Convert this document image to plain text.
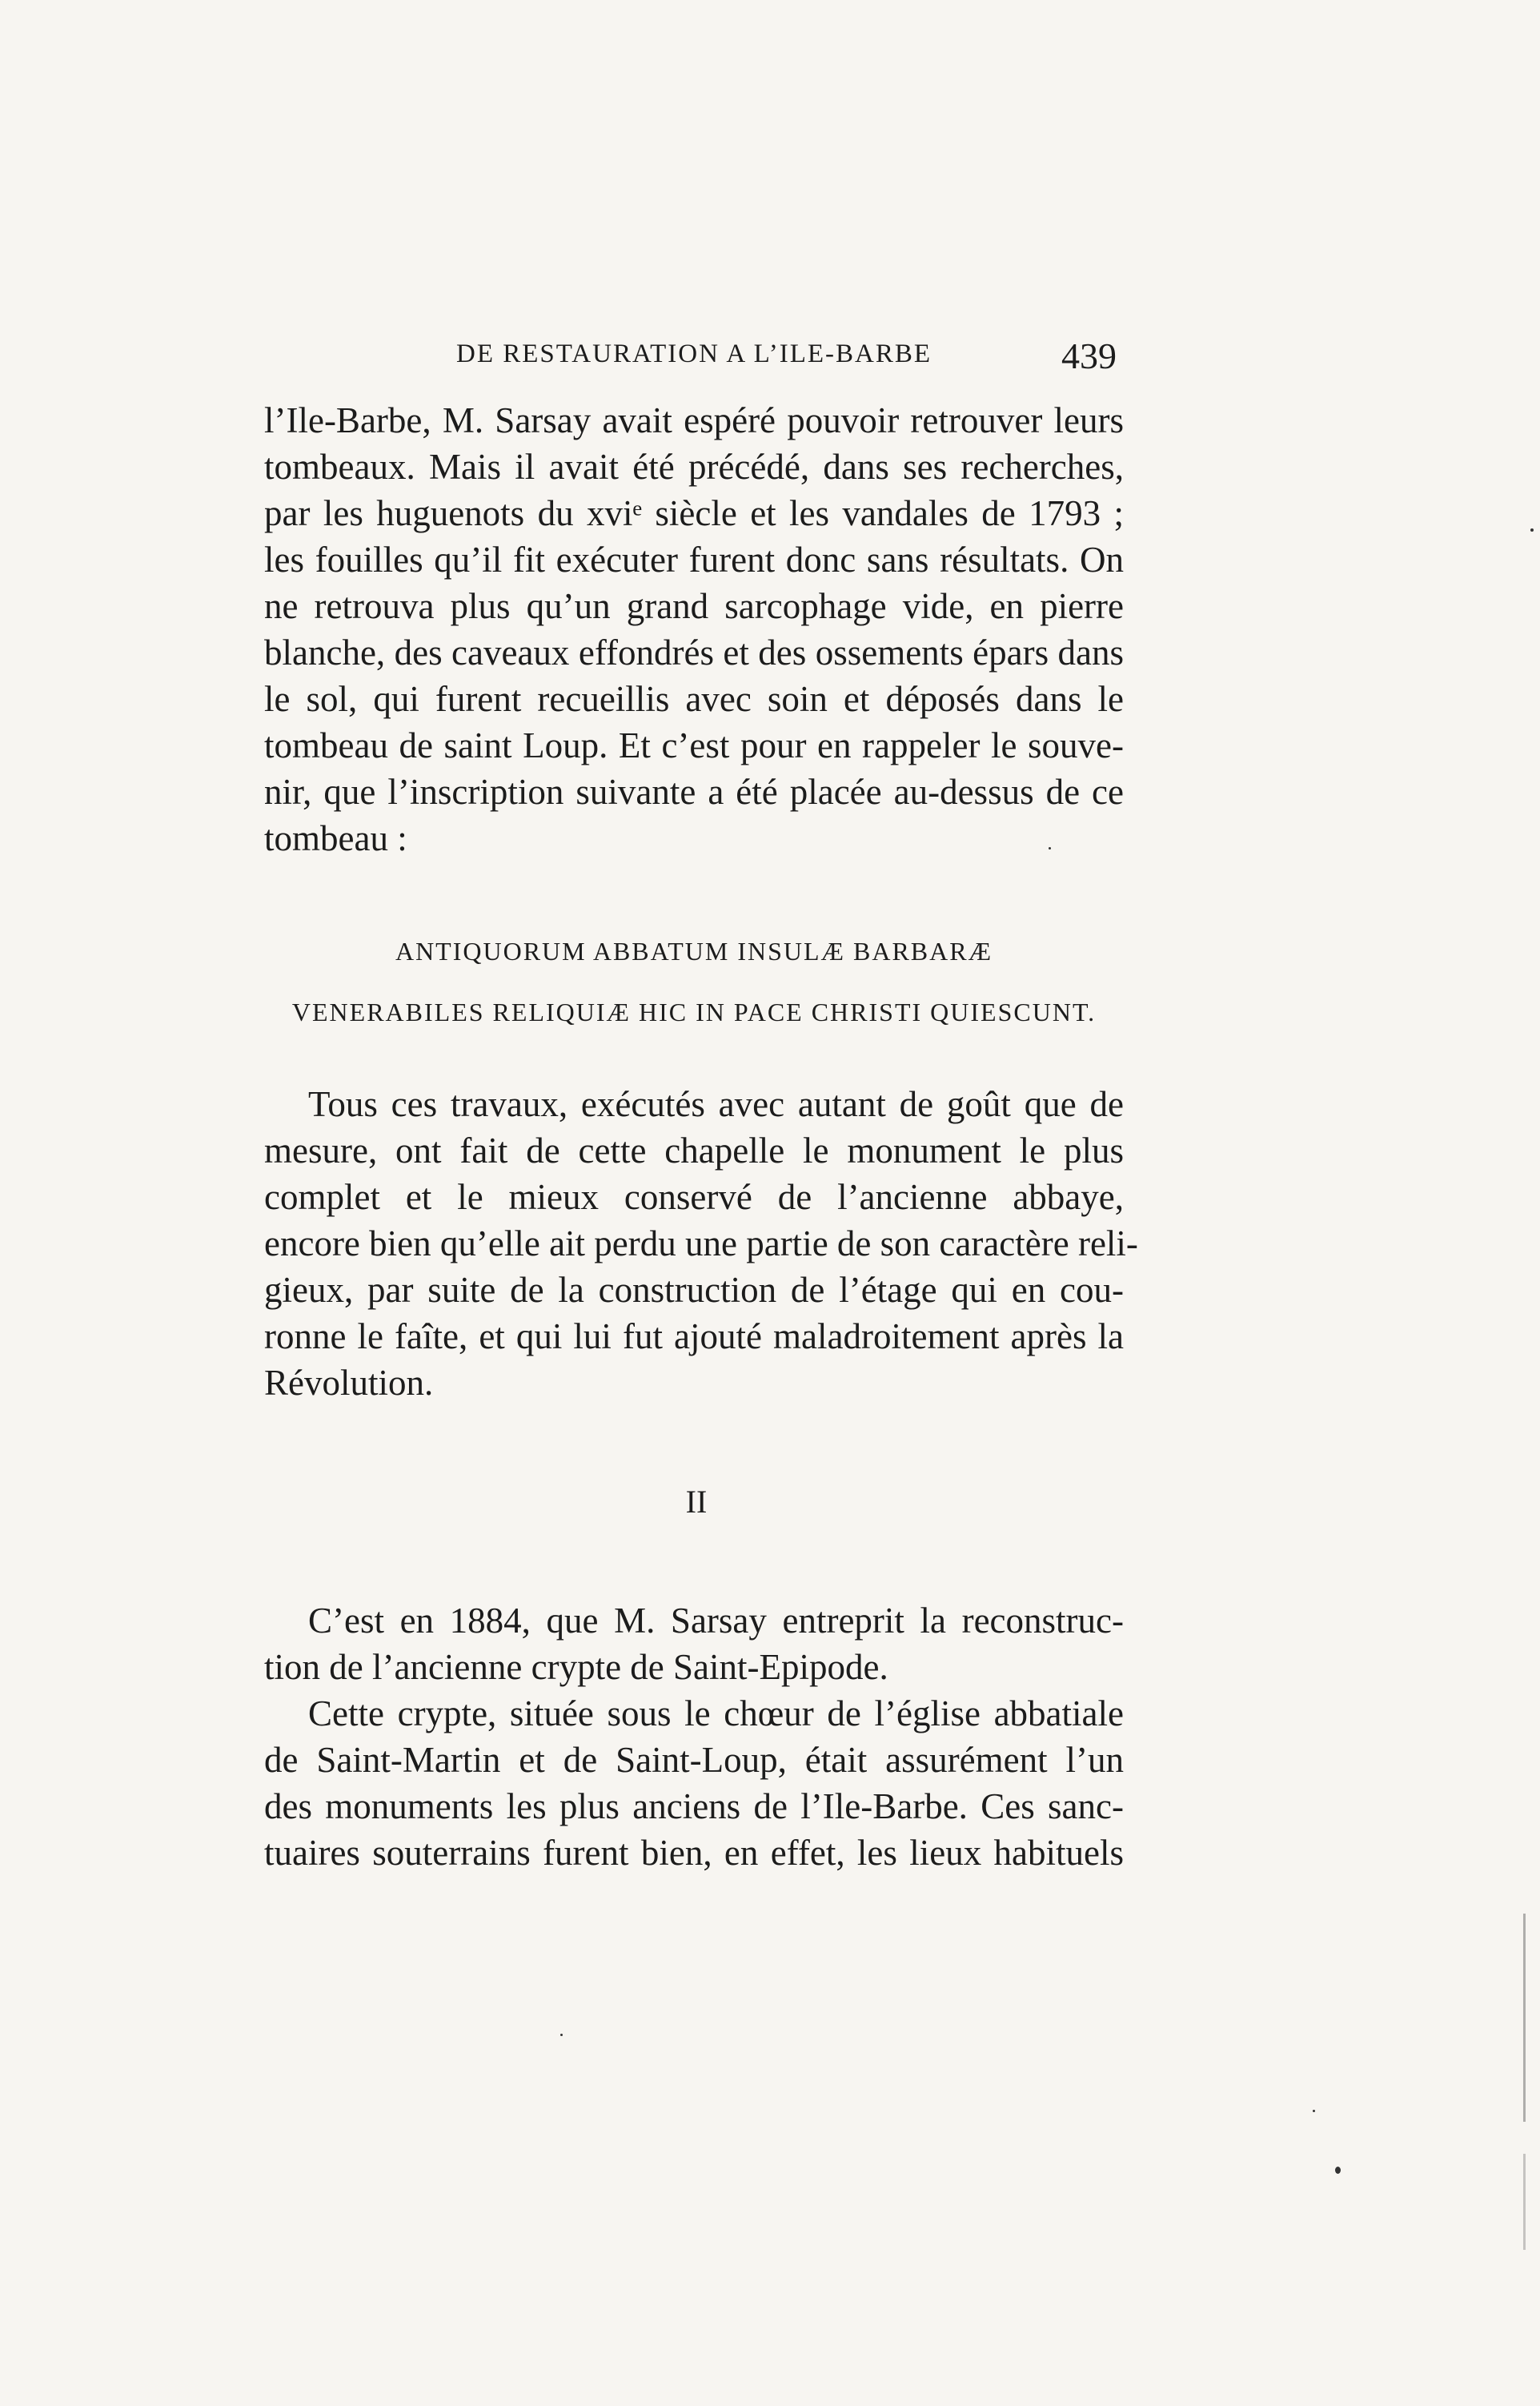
DE RESTAURATION A L’ILE-BARBE	439
l’Ile-Barbe, M. Sarsay avait espéré pouvoir retrouver leurs
tombeaux. Mais il avait été précédé, dans ses recherches,
par les huguenots du xviᵉ siècle et les vandales de 1793 ;
les fouilles qu’il fit exécuter furent donc sans résultats. On
ne retrouva plus qu’un grand sarcophage vide, en pierre
blanche, des caveaux effondrés et des ossements épars dans
le sol, qui furent recueillis avec soin et déposés dans le
tombeau de saint Loup. Et c’est pour en rappeler le souve-
nir, que l’inscription suivante a été placée au-dessus de ce
tombeau :
ANTIQUORUM ABBATUM INSULÆ BARBARÆ
VENERABILES RELIQUIÆ HIC IN PACE CHRISTI QUIESCUNT.
Tous ces travaux, exécutés avec autant de goût que de
mesure, ont fait de cette chapelle le monument le plus
complet et le mieux conservé de l’ancienne abbaye,
encore bien qu’elle ait perdu une partie de son caractère reli-
gieux, par suite de la construction de l’étage qui en cou-
ronne le faîte, et qui lui fut ajouté maladroitement après la
Révolution.
II
C’est en 1884, que M. Sarsay entreprit la reconstruc-
tion de l’ancienne crypte de Saint-Epipode.
Cette crypte, située sous le chœur de l’église abbatiale
de Saint-Martin et de Saint-Loup, était assurément l’un
des monuments les plus anciens de l’Ile-Barbe. Ces sanc-
tuaires souterrains furent bien, en effet, les lieux habituels
